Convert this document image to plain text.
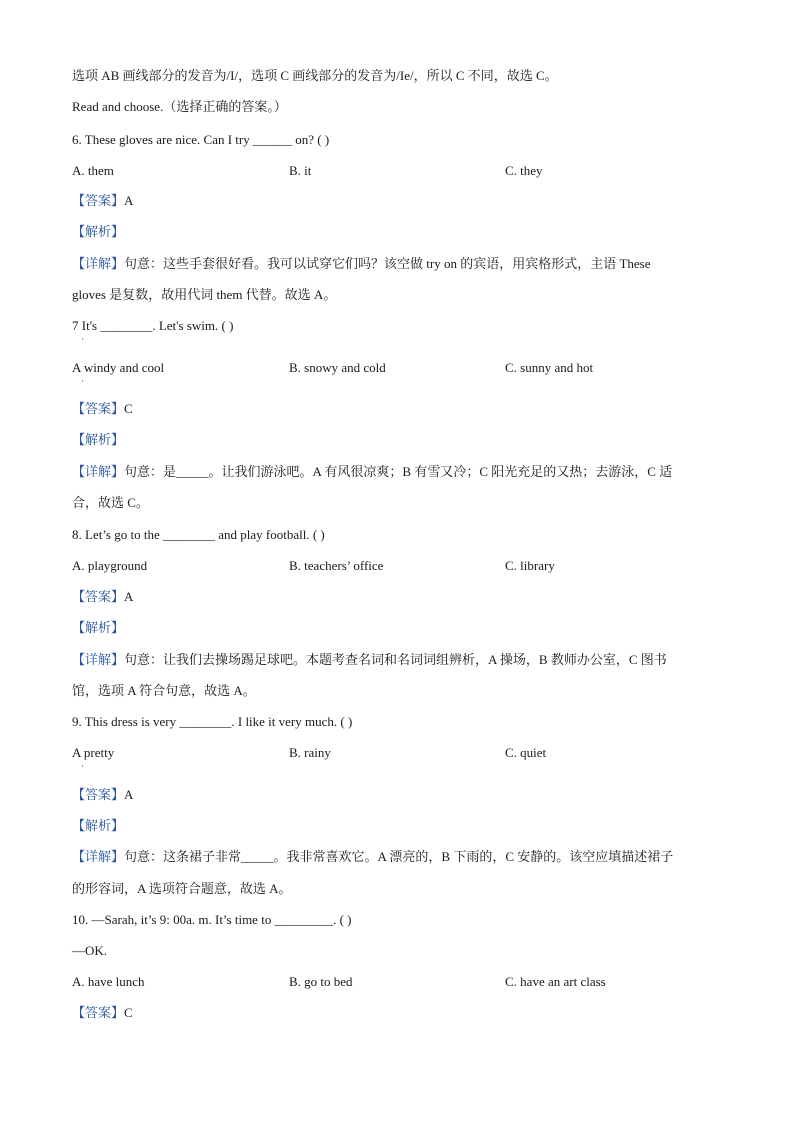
选项 AB 画线部分的发音为/I/，选项 C 画线部分的发音为/Ie/，所以 C 不同，故选 C。
Read and choose.（选择正确的答案。）
6. These gloves are nice. Can I try ______ on? ( )
A. them	B. it	C. they
【答案】A
【解析】
【详解】句意：这些手套很好看。我可以试穿它们吗？该空做 try on 的宾语，用宾格形式，主语 These
gloves 是复数，故用代词 them 代替。故选 A。
7 It's ________. Let's swim. ( )
·
A windy and cool
·
B. snowy and cold	C. sunny and hot
【答案】C
【解析】
【详解】句意：是_____。让我们游泳吧。A 有风很凉爽；B 有雪又冷；C 阳光充足的又热；去游泳，C 适
合，故选 C。
8. Let’s go to the ________ and play football. ( )
A. playground	B. teachers’ office	C. library
【答案】A
【解析】
【详解】句意：让我们去操场踢足球吧。本题考查名词和名词词组辨析，A 操场，B 教师办公室，C 图书
馆，选项 A 符合句意，故选 A。
9. This dress is very ________. I like it very much. ( )
A pretty
·
B. rainy	C. quiet
【答案】A
【解析】
【详解】句意：这条裙子非常_____。我非常喜欢它。A 漂亮的，B 下雨的，C 安静的。该空应填描述裙子
的形容词，A 选项符合题意，故选 A。
10. —Sarah, it’s 9: 00a. m. It’s time to _________. ( )
—OK.
A. have lunch	B. go to bed	C. have an art class
【答案】C
